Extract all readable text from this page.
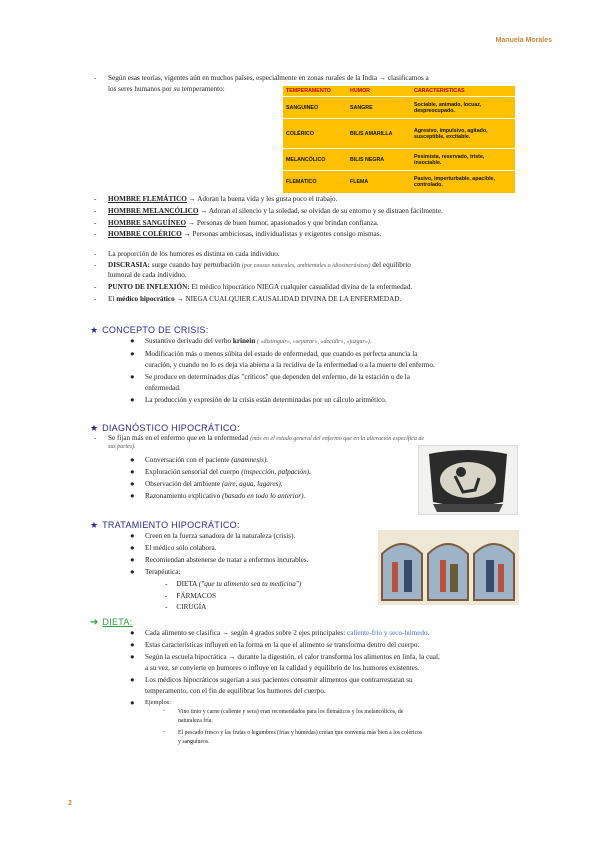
Manuela Morales
- Según esas teorías, vigentes aún en muchos países, especialmente en zonas rurales de la India → clasificamos a
los seres humanos por su temperamento:	TEMPERAMENTO	HUMOR	CARACTERISTICAS
SANGUINEO	SANGRE	Sociable, animado, locuaz, despreocupado.
COLÉRICO	BILIS AMARILLA	Agresivo, impulsivo, agitado, susceptible, excitable.
MELANCÓLICO	BILIS NEGRA	Pesimista, reservado, triste, insociable.
FLEMATICO	FLEMA	Pasivo, imperturbable, apacible, controlado.
- HOMBRE FLEMÁTICO → Adoran la buena vida y les gusta poco el trabajo.
- HOMBRE MELANCÓLICO → Adoran el silencio y la soledad, se olvidan de su entorno y se distraen fácilmente.
- HOMBRE SANGUÍNEO → Personas de buen humor, apasionados y que brindan confianza.
- HOMBRE COLÉRICO → Personas ambiciosas, individualistas y exigentes consigo mismas.
- La proporción de los humores es distinta en cada individuo.
- DISCRASIA: surge cuando hay perturbación (por causas naturales, ambientales o idiosincrásicas) del equilibrio
humoral de cada individuo.
- PUNTO DE INFLEXIÓN: El médico hipocrático NIEGA cualquier casualidad divina de la enfermedad.
- El médico hipocrático → NIEGA CUALQUIER CAUSALIDAD DIVINA DE LA ENFERMEDAD.
★ CONCEPTO DE CRISIS:
● Sustantivo derivado del verbo krinein ( «distinguir», «separar», «decidir», «juzgar»).
● Modificación más o menos súbita del estado de enfermedad, que cuando es perfecta anuncia la
curación, y cuando no lo es deja vía abierta a la recidiva de la enfermedad o a la muerte del enfermo.
● Se produce en determinados días "críticos" que dependen del enfermo, de la estación o de la
enfermedad.
● La producción y expresión de la crisis están determinadas por un cálculo aritmético.
★ DIAGNÓSTICO HIPOCRÁTICO:
- Se fijan más en el enfermo que en la enfermedad (más en el estado general del enfermo que en la alteración específica de
sus partes).
● Conversación con el paciente (anamnesis).
● Exploración sensorial del cuerpo (inspección, palpación).
● Observación del ambiente (aire, agua, lugares).
● Razonamiento explicativo (basado en todo lo anterior).
★ TRATAMIENTO HIPOCRÁTICO:
● Creen en la fuerza sanadora de la naturaleza (crisis).
● El médico sólo colabora.
● Recomiendan abstenerse de tratar a enfermos incurables.
● Terapéutica:
-     DIETA ("que tu alimento sea tu medicina")
-     FÁRMACOS
-     CIRUGÍA
➔ DIETA:
● Cada alimento se clasifica → según 4 grados sobre 2 ejes principales: caliente-frío y seco-húmedo.
● Estas características influyen en la forma en la que el alimento se transforma dentro del cuerpo.
● Según la escuela hipocrática → durante la digestión, el calor transforma los alimentos en linfa, la cual,
a su vez, se convierte en humores o influye en la calidad y equilibrio de los humores existentes.
● Los médicos hipocráticos sugerían a sus pacientes consumir alimentos que contrarrestaran su
temperamento, con el fin de equilibrar los humores del cuerpo.
● Ejemplos:
- Vino tinto y carne (caliente y seca) eran recomendados para los flemáticos y los melancólicos, de
naturaleza fría.
- El pescado fresco y las frutas o legumbres (frías y húmedas) creían que convenía más bien a los coléricos
y sanguíneos.
2
